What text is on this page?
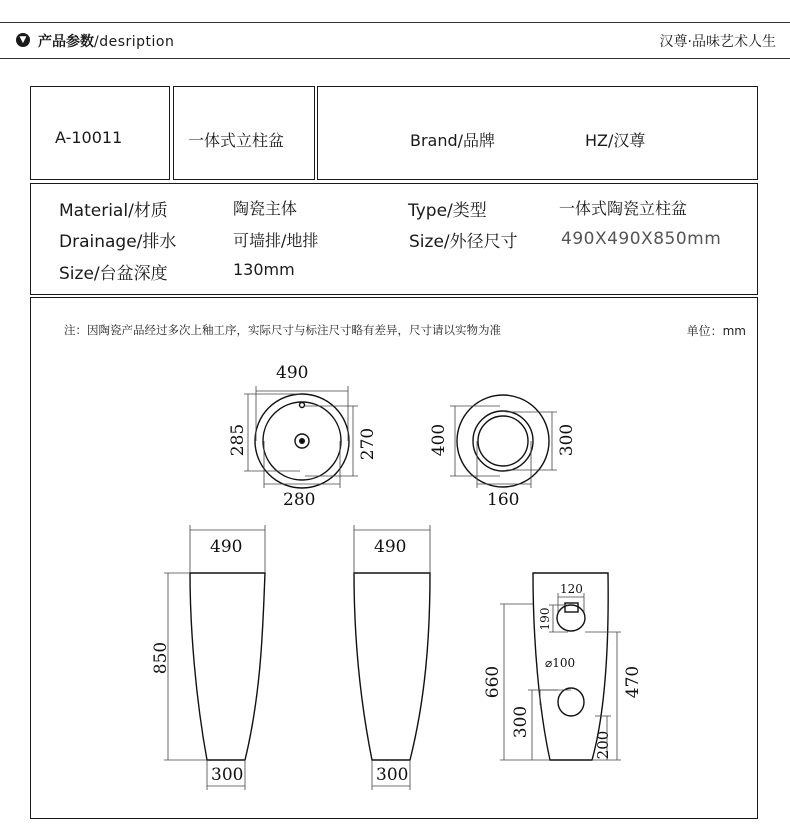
▼ 产品参数/desription	汉尊·品味艺术人生
A-10011	一体式立柱盆	Brand/品牌	HZ/汉尊
Material/材质	陶瓷主体	Type/类型	一体式陶瓷立柱盆
Drainage/排水	可墙排/地排	Size/外径尺寸	490X490X850mm
Size/台盆深度	130mm
注：因陶瓷产品经过多次上釉工序，实际尺寸与标注尺寸略有差异，尺寸请以实物为准	单位：mm
490
285	270
280
400	300
160
490
850
300
490
300
120
190
⌀100
660	470
300
200
